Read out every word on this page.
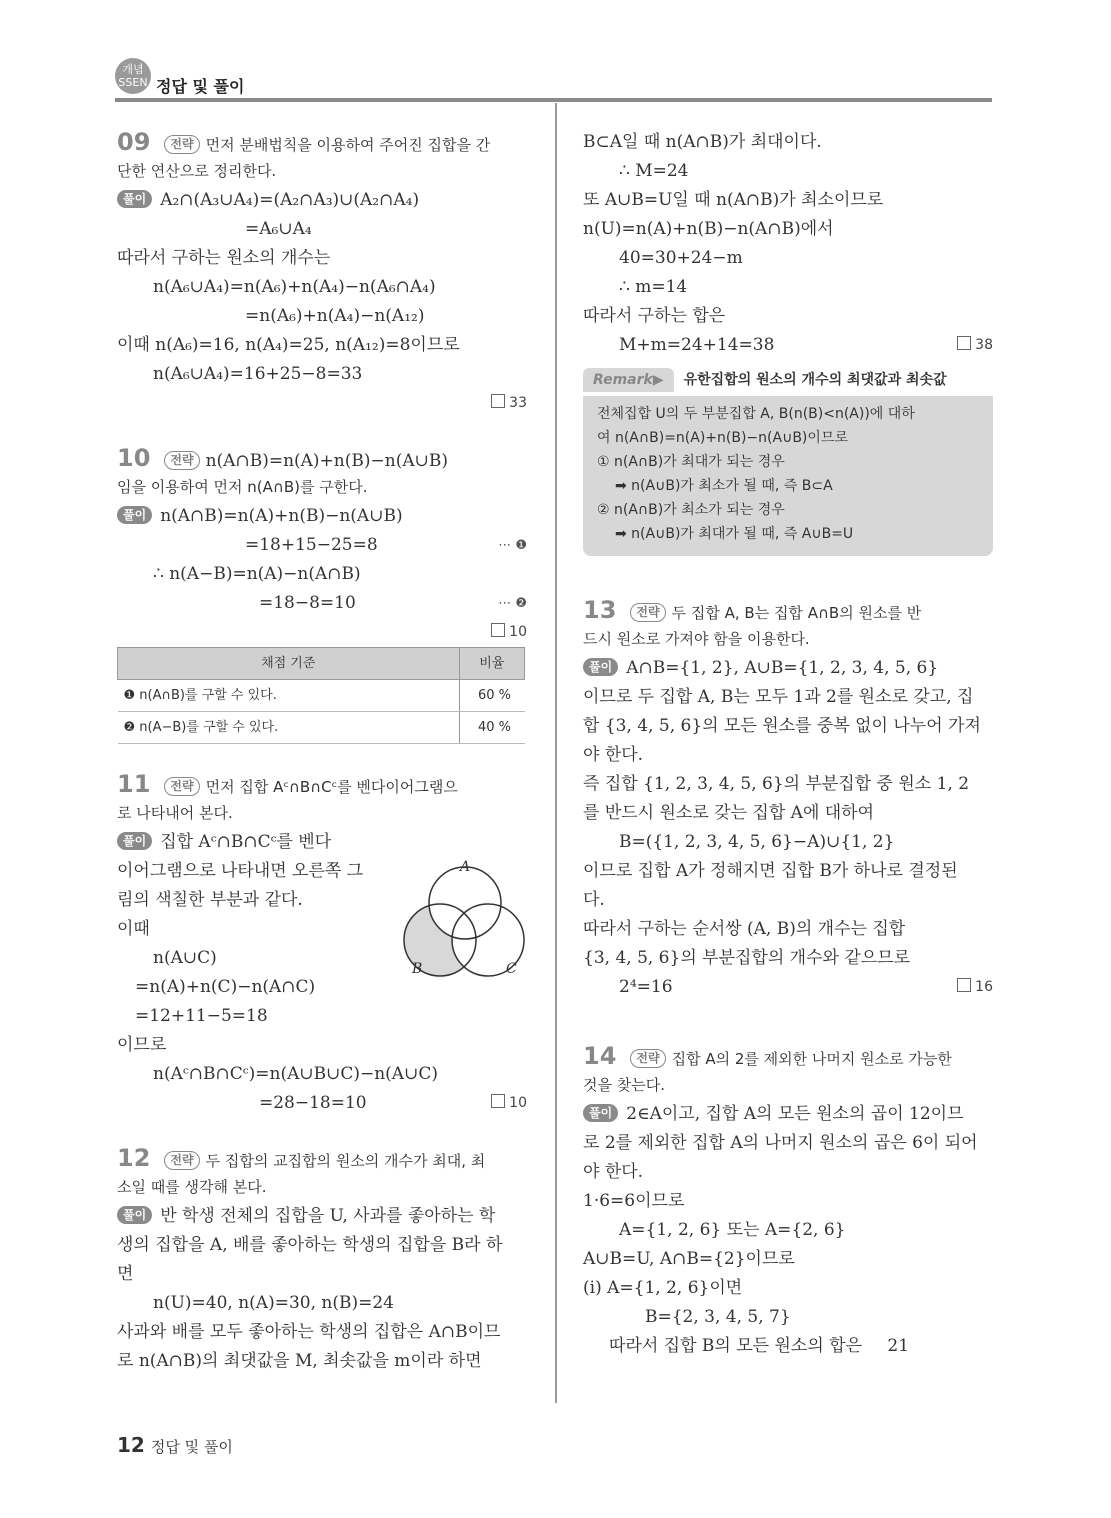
개념
SSEN 정답 및 풀이
09 전략 먼저 분배법칙을 이용하여 주어진 집합을 간
단한 연산으로 정리한다.
풀이 A₂∩(A₃∪A₄)=(A₂∩A₃)∪(A₂∩A₄)
=A₆∪A₄
따라서 구하는 원소의 개수는
n(A₆∪A₄)=n(A₆)+n(A₄)−n(A₆∩A₄)
=n(A₆)+n(A₄)−n(A₁₂)
이때 n(A₆)=16, n(A₄)=25, n(A₁₂)=8이므로
n(A₆∪A₄)=16+25−8=33
33
10 전략 n(A∩B)=n(A)+n(B)−n(A∪B)
임을 이용하여 먼저 n(A∩B)를 구한다.
풀이 n(A∩B)=n(A)+n(B)−n(A∪B)
=18+15−25=8	⋯ ❶
∴ n(A−B)=n(A)−n(A∩B)
=18−8=10	⋯ ❷
10
채점 기준	비율
❶ n(A∩B)를 구할 수 있다.	60 %
❷ n(A−B)를 구할 수 있다.	40 %
11 전략 먼저 집합 Aᶜ∩B∩Cᶜ를 벤다이어그램으
로 나타내어 본다.
풀이 집합 Aᶜ∩B∩Cᶜ를 벤다
이어그램으로 나타내면 오른쪽 그
림의 색칠한 부분과 같다.
이때
n(A∪C)
=n(A)+n(C)−n(A∩C)
=12+11−5=18
이므로
n(Aᶜ∩B∩Cᶜ)=n(A∪B∪C)−n(A∪C)
=28−18=10	10
12 전략 두 집합의 교집합의 원소의 개수가 최대, 최
소일 때를 생각해 본다.
풀이 반 학생 전체의 집합을 U, 사과를 좋아하는 학
생의 집합을 A, 배를 좋아하는 학생의 집합을 B라 하
면
n(U)=40, n(A)=30, n(B)=24
사과와 배를 모두 좋아하는 학생의 집합은 A∩B이므
로 n(A∩B)의 최댓값을 M, 최솟값을 m이라 하면
A
B	C
B⊂A일 때 n(A∩B)가 최대이다.
∴ M=24
또 A∪B=U일 때 n(A∩B)가 최소이므로
n(U)=n(A)+n(B)−n(A∩B)에서
40=30+24−m
∴ m=14
따라서 구하는 합은
M+m=24+14=38	38
Remark▶ 유한집합의 원소의 개수의 최댓값과 최솟값
전체집합 U의 두 부분집합 A, B(n(B)<n(A))에 대하
여 n(A∩B)=n(A)+n(B)−n(A∪B)이므로
① n(A∩B)가 최대가 되는 경우
➡ n(A∪B)가 최소가 될 때, 즉 B⊂A
② n(A∩B)가 최소가 되는 경우
➡ n(A∪B)가 최대가 될 때, 즉 A∪B=U
13 전략 두 집합 A, B는 집합 A∩B의 원소를 반
드시 원소로 가져야 함을 이용한다.
풀이 A∩B={1, 2}, A∪B={1, 2, 3, 4, 5, 6}
이므로 두 집합 A, B는 모두 1과 2를 원소로 갖고, 집
합 {3, 4, 5, 6}의 모든 원소를 중복 없이 나누어 가져
야 한다.
즉 집합 {1, 2, 3, 4, 5, 6}의 부분집합 중 원소 1, 2
를 반드시 원소로 갖는 집합 A에 대하여
B=({1, 2, 3, 4, 5, 6}−A)∪{1, 2}
이므로 집합 A가 정해지면 집합 B가 하나로 결정된
다.
따라서 구하는 순서쌍 (A, B)의 개수는 집합
{3, 4, 5, 6}의 부분집합의 개수와 같으므로
2⁴=16	16
14 전략 집합 A의 2를 제외한 나머지 원소로 가능한
것을 찾는다.
풀이 2∈A이고, 집합 A의 모든 원소의 곱이 12이므
로 2를 제외한 집합 A의 나머지 원소의 곱은 6이 되어
야 한다.
1·6=6이므로
A={1, 2, 6} 또는 A={2, 6}
A∪B=U, A∩B={2}이므로
(i) A={1, 2, 6}이면
B={2, 3, 4, 5, 7}
따라서 집합 B의 모든 원소의 합은 21
12 정답 및 풀이
